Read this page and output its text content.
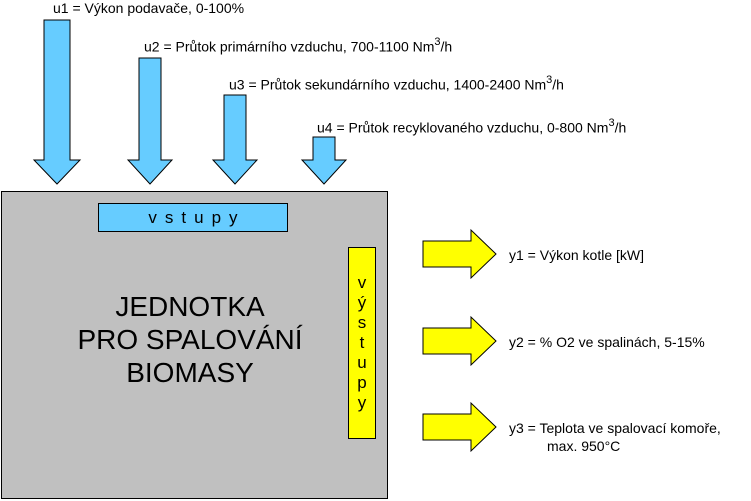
u1 = Výkon podavače, 0-100%
u2 = Průtok primárního vzduchu, 700-1100 Nm$^3$/h
u3 = Průtok sekundárního vzduchu, 1400-2400 Nm$^3$/h
u4 = Průtok recyklovaného vzduchu, 0-800 Nm$^3$/h
JEDNOTKA
PRO SPALOVÁNÍ
BIOMASY
vstupy
v
ý
s
t
u
p
y
y1 = Výkon kotle [kW]
y2 = % O2 ve spalinách, 5-15%
y3 = Teplota ve spalovací komoře,
max. 950°C
